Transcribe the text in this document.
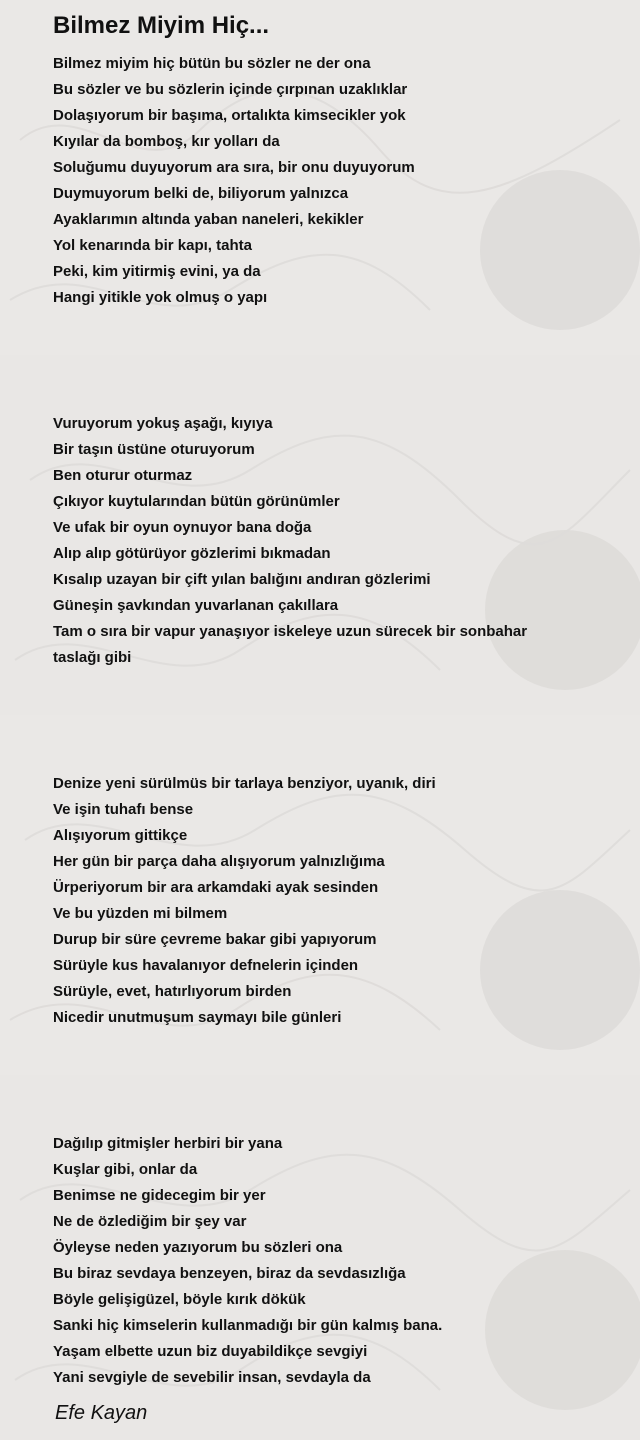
Bilmez Miyim Hiç...
Bilmez miyim hiç bütün bu sözler ne der ona
Bu sözler ve bu sözlerin içinde çırpınan uzaklıklar
Dolaşıyorum bir başıma, ortalıkta kimsecikler yok
Kıyılar da bomboş, kır yolları da
Soluğumu duyuyorum ara sıra, bir onu duyuyorum
Duymuyorum belki de, biliyorum yalnızca
Ayaklarımın altında yaban naneleri, kekikler
Yol kenarında bir kapı, tahta
Peki, kim yitirmiş evini, ya da
Hangi yitikle yok olmuş o yapı
Vuruyorum yokuş aşağı, kıyıya
Bir taşın üstüne oturuyorum
Ben oturur oturmaz
Çıkıyor kuytularından bütün görünümler
Ve ufak bir oyun oynuyor bana doğa
Alıp alıp götürüyor gözlerimi bıkmadan
Kısalıp uzayan bir çift yılan balığını andıran gözlerimi
Güneşin şavkından yuvarlanan çakıllara
Tam o sıra bir vapur yanaşıyor iskeleye uzun sürecek bir sonbahar
taslağı gibi
Denize yeni sürülmüs bir tarlaya benziyor, uyanık, diri
Ve işin tuhafı bense
Alışıyorum gittikçe
Her gün bir parça daha alışıyorum yalnızlığıma
Ürperiyorum bir ara arkamdaki ayak sesinden
Ve bu yüzden mi bilmem
Durup bir süre çevreme bakar gibi yapıyorum
Sürüyle kus havalanıyor defnelerin içinden
Sürüyle, evet, hatırlıyorum birden
Nicedir unutmuşum saymayı bile günleri
Dağılıp gitmişler herbiri bir yana
Kuşlar gibi, onlar da
Benimse ne gidecegim bir yer
Ne de özlediğim bir şey var
Öyleyse neden yazıyorum bu sözleri ona
Bu biraz sevdaya benzeyen, biraz da sevdasızlığa
Böyle gelişigüzel, böyle kırık dökük
Sanki hiç kimselerin kullanmadığı bir gün kalmış bana.
Yaşam elbette uzun biz duyabildikçe sevgiyi
Yani sevgiyle de sevebilir insan, sevdayla da
Efe Kayan
